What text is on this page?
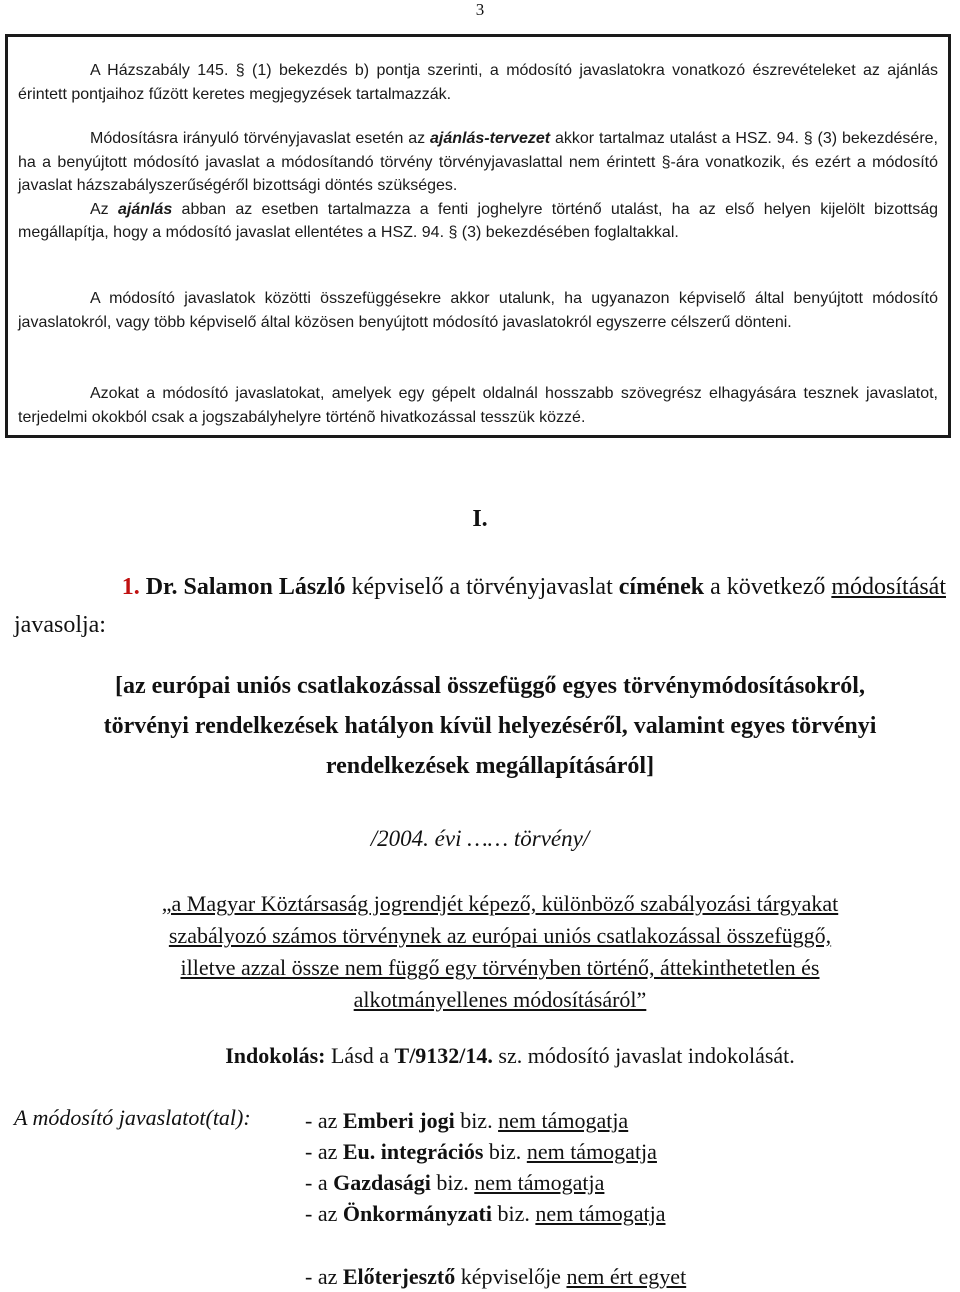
3

A Házszabály 145. § (1) bekezdés b) pontja szerinti, a módosító javaslatokra vonatkozó észrevételeket az ajánlás érintett pontjaihoz fűzött keretes megjegyzések tartalmazzák.

Módosításra irányuló törvényjavaslat esetén az ajánlás-tervezet akkor tartalmaz utalást a HSZ. 94. § (3) bekezdésére, ha a benyújtott módosító javaslat a módosítandó törvény törvényjavaslattal nem érintett §-ára vonatkozik, és ezért a módosító javaslat házszabályszerűségéről bizottsági döntés szükséges.

Az ajánlás abban az esetben tartalmazza a fenti joghelyre történő utalást, ha az első helyen kijelölt bizottság megállapítja, hogy a módosító javaslat ellentétes a HSZ. 94. § (3) bekezdésében foglaltakkal.

A módosító javaslatok közötti összefüggésekre akkor utalunk, ha ugyanazon képviselő által benyújtott módosító javaslatokról, vagy több képviselő által közösen benyújtott módosító javaslatokról egyszerre célszerű dönteni.

Azokat a módosító javaslatokat, amelyek egy gépelt oldalnál hosszabb szövegrész elhagyására tesznek javaslatot, terjedelmi okokból csak a jogszabályhelyre történõ hivatkozással tesszük közzé.

I.
1. Dr. Salamon László képviselő a törvényjavaslat címének a következő módosítását
javasolja:
[az európai uniós csatlakozással összefüggő egyes törvénymódosításokról,
törvényi rendelkezések hatályon kívül helyezéséről, valamint egyes törvényi
rendelkezések megállapításáról]
/2004. évi …… törvény/
„a Magyar Köztársaság jogrendjét képező, különböző szabályozási tárgyakat
szabályozó számos törvénynek az európai uniós csatlakozással összefüggő,
illetve azzal össze nem függő egy törvényben történő, áttekinthetetlen és
alkotmányellenes módosításáról”
Indokolás: Lásd a T/9132/14. sz. módosító javaslat indokolását.
A módosító javaslatot(tal): - az Emberi jogi biz. nem támogatja
- az Eu. integrációs biz. nem támogatja
- a Gazdasági biz. nem támogatja
- az Önkormányzati biz. nem támogatja
- az Előterjesztő képviselője nem ért egyet
